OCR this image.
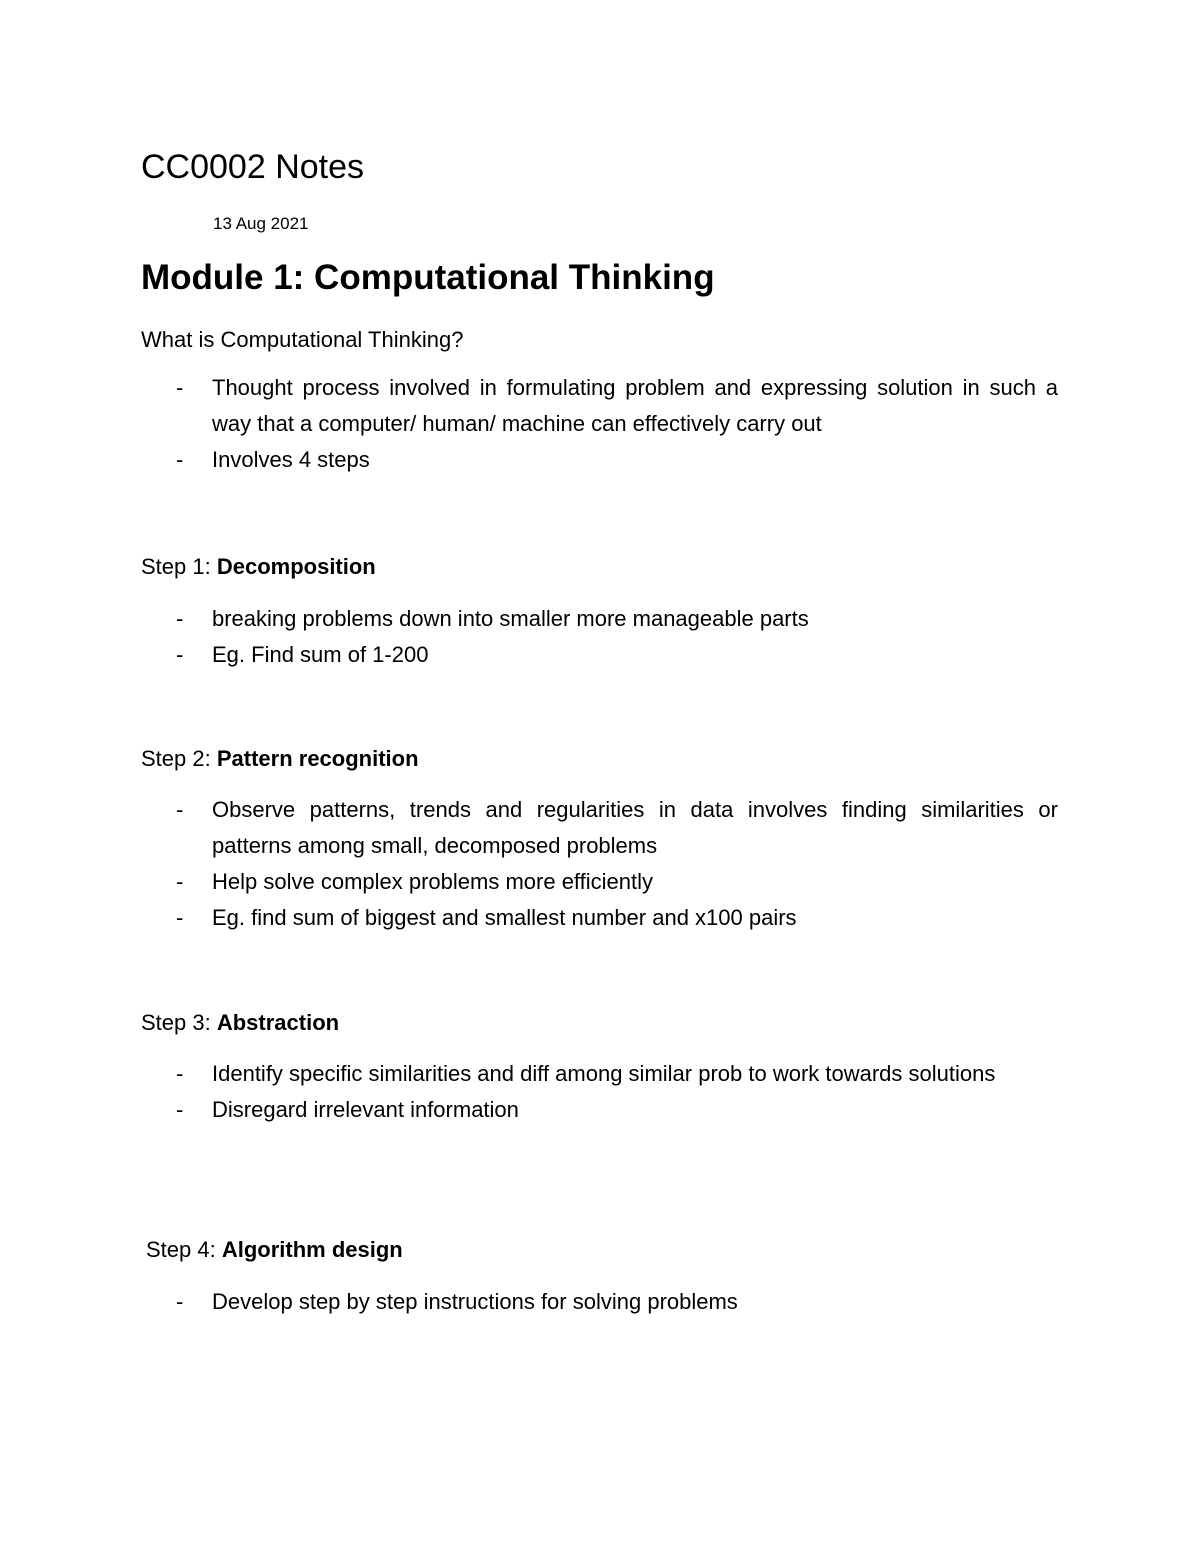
CC0002 Notes
13 Aug 2021
Module 1: Computational Thinking
What is Computational Thinking?
- Thought process involved in formulating problem and expressing solution in such a way that a computer/ human/ machine can effectively carry out
- Involves 4 steps
Step 1: Decomposition
- breaking problems down into smaller more manageable parts
- Eg. Find sum of 1-200
Step 2: Pattern recognition
- Observe patterns, trends and regularities in data involves finding similarities or patterns among small, decomposed problems
- Help solve complex problems more efficiently
- Eg. find sum of biggest and smallest number and x100 pairs
Step 3: Abstraction
- Identify specific similarities and diff among similar prob to work towards solutions
- Disregard irrelevant information
Step 4: Algorithm design
- Develop step by step instructions for solving problems
